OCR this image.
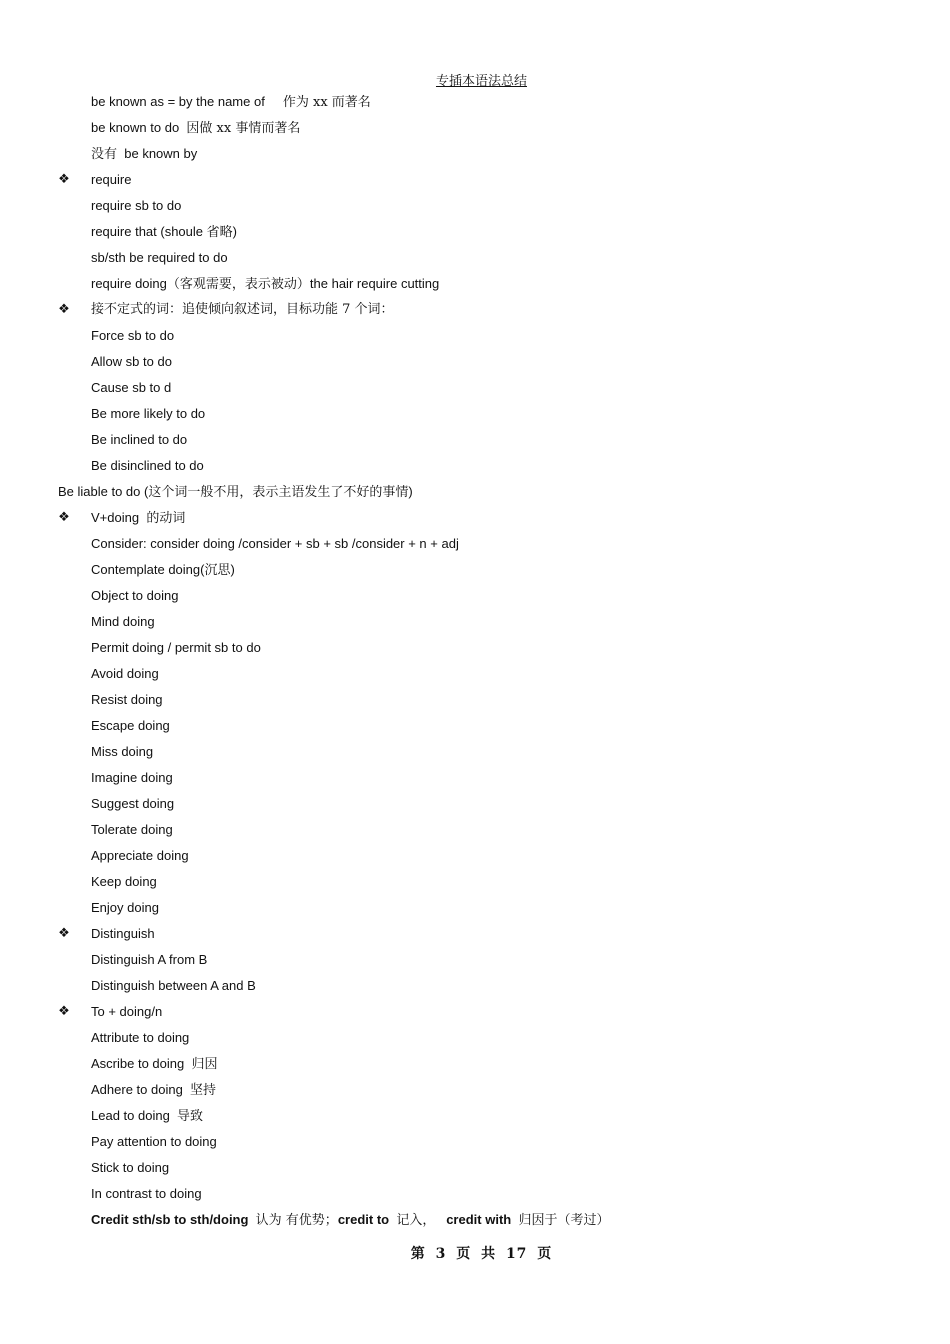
专插本语法总结
be known as = by the name of 作为 xx 而著名
be known to do 因做 xx 事情而著名
没有 be known by
❖ require
require sb to do
require that (shoule 省略)
sb/sth be required to do
require doing（客观需要，表示被动）the hair require cutting
❖ 接不定式的词：追使倾向叙述词，目标功能 7 个词：
Force sb to do
Allow sb to do
Cause sb to d
Be more likely to do
Be inclined to do
Be disinclined to do
Be liable to do (这个词一般不用，表示主语发生了不好的事情)
❖ V+doing 的动词
Consider: consider doing /consider + sb + sb /consider + n + adj
Contemplate doing(沉思)
Object to doing
Mind doing
Permit doing / permit sb to do
Avoid doing
Resist doing
Escape doing
Miss doing
Imagine doing
Suggest doing
Tolerate doing
Appreciate doing
Keep doing
Enjoy doing
❖ Distinguish
Distinguish A from B
Distinguish between A and B
❖ To + doing/n
Attribute to doing
Ascribe to doing 归因
Adhere to doing 坚持
Lead to doing 导致
Pay attention to doing
Stick to doing
In contrast to doing
Credit sth/sb to sth/doing 认为 有优势；credit to 记入， credit with 归因于（考过）
第 3 页 共 17 页
